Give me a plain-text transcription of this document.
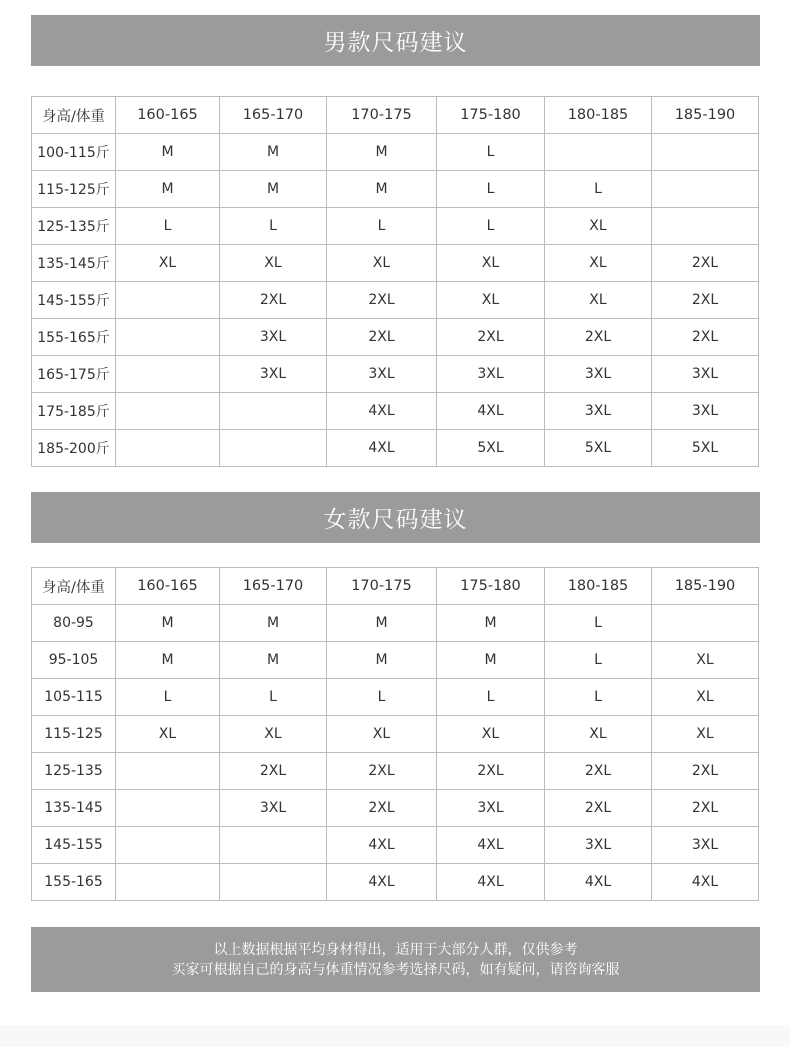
男款尺码建议
身高/体重	160-165	165-170	170-175	175-180	180-185	185-190
100-115斤	M	M	M	L		
115-125斤	M	M	M	L	L	
125-135斤	L	L	L	L	XL	
135-145斤	XL	XL	XL	XL	XL	2XL
145-155斤		2XL	2XL	XL	XL	2XL
155-165斤		3XL	2XL	2XL	2XL	2XL
165-175斤		3XL	3XL	3XL	3XL	3XL
175-185斤			4XL	4XL	3XL	3XL
185-200斤			4XL	5XL	5XL	5XL
女款尺码建议
身高/体重	160-165	165-170	170-175	175-180	180-185	185-190
80-95	M	M	M	M	L	
95-105	M	M	M	M	L	XL
105-115	L	L	L	L	L	XL
115-125	XL	XL	XL	XL	XL	XL
125-135		2XL	2XL	2XL	2XL	2XL
135-145		3XL	2XL	3XL	2XL	2XL
145-155			4XL	4XL	3XL	3XL
155-165			4XL	4XL	4XL	4XL
以上数据根据平均身材得出，适用于大部分人群，仅供参考
买家可根据自己的身高与体重情况参考选择尺码，如有疑问，请咨询客服
